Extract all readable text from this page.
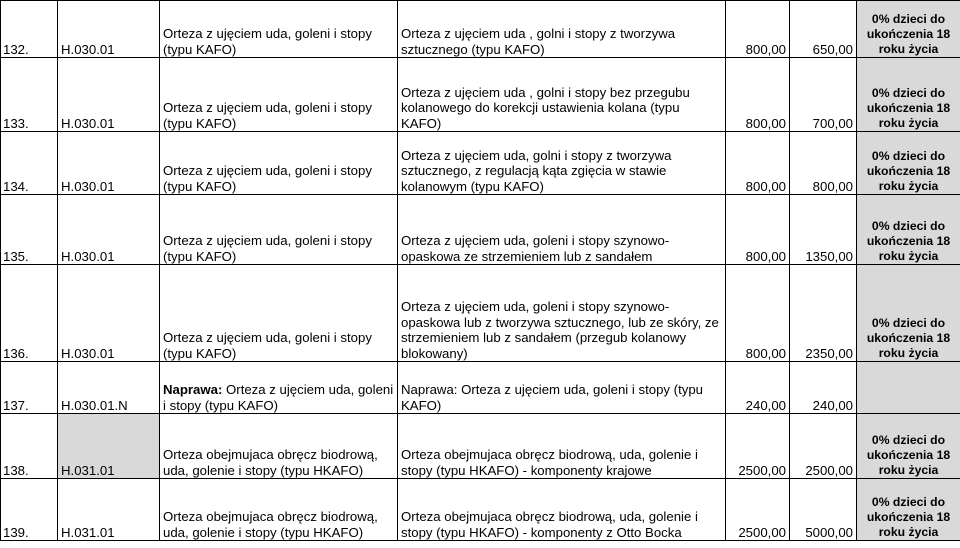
132.	H.030.01	Orteza z ujęciem uda, goleni i stopy (typu KAFO)	Orteza z ujęciem uda , golni i stopy z tworzywa sztucznego (typu KAFO)	800,00	650,00	0% dzieci do ukończenia 18 roku życia
133.	H.030.01	Orteza z ujęciem uda, goleni i stopy (typu KAFO)	Orteza z ujęciem uda , golni i stopy bez przegubu kolanowego do korekcji ustawienia kolana (typu KAFO)	800,00	700,00	0% dzieci do ukończenia 18 roku życia
134.	H.030.01	Orteza z ujęciem uda, goleni i stopy (typu KAFO)	Orteza z ujęciem uda, golni i stopy z tworzywa sztucznego, z regulacją kąta zgięcia w stawie kolanowym (typu KAFO)	800,00	800,00	0% dzieci do ukończenia 18 roku życia
135.	H.030.01	Orteza z ujęciem uda, goleni i stopy (typu KAFO)	Orteza z ujęciem uda, goleni i stopy szynowo-opaskowa ze strzemieniem lub z sandałem	800,00	1350,00	0% dzieci do ukończenia 18 roku życia
136.	H.030.01	Orteza z ujęciem uda, goleni i stopy (typu KAFO)	Orteza z ujęciem uda, goleni i stopy szynowo-opaskowa lub z tworzywa sztucznego, lub ze skóry, ze strzemieniem lub z sandałem (przegub kolanowy blokowany)	800,00	2350,00	0% dzieci do ukończenia 18 roku życia
137.	H.030.01.N	Naprawa: Orteza z ujęciem uda, goleni i stopy (typu KAFO)	Naprawa: Orteza z ujęciem uda, goleni i stopy (typu KAFO)	240,00	240,00	
138.	H.031.01	Orteza obejmujaca obręcz biodrową, uda, golenie i stopy (typu HKAFO)	Orteza obejmujaca obręcz biodrową, uda, golenie i stopy (typu HKAFO) - komponenty krajowe	2500,00	2500,00	0% dzieci do ukończenia 18 roku życia
139.	H.031.01	Orteza obejmujaca obręcz biodrową, uda, golenie i stopy (typu HKAFO)	Orteza obejmujaca obręcz biodrową, uda, golenie i stopy (typu HKAFO) - komponenty z Otto Bocka	2500,00	5000,00	0% dzieci do ukończenia 18 roku życia
